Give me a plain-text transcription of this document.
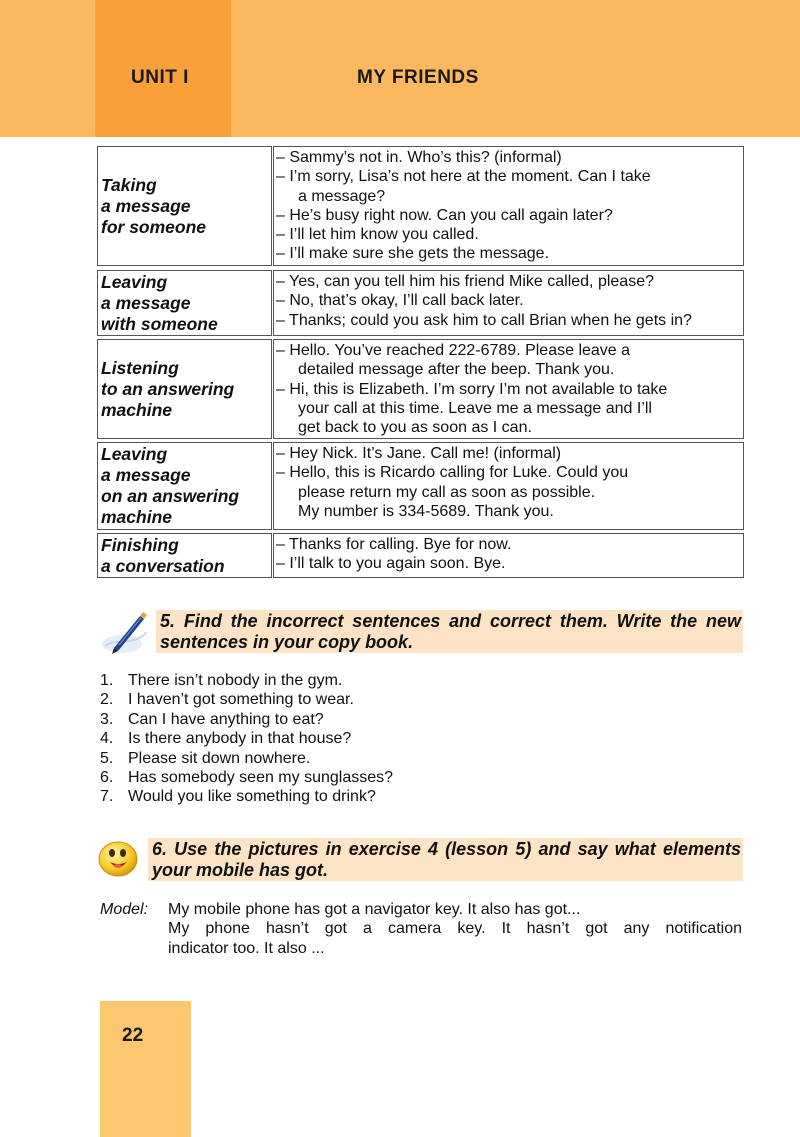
UNIT I	MY FRIENDS
Taking
a message
for someone
– Sammy’s not in. Who’s this? (informal)
– I’m sorry, Lisa’s not here at the moment. Can I take
a message?
– He’s busy right now. Can you call again later?
– I’ll let him know you called.
– I’ll make sure she gets the message.
Leaving
a message
with someone
– Yes, can you tell him his friend Mike called, please?
– No, that’s okay, I’ll call back later.
– Thanks; could you ask him to call Brian when he gets in?
Listening
to an answering
machine
– Hello. You’ve reached 222-6789. Please leave a
detailed message after the beep. Thank you.
– Hi, this is Elizabeth. I’m sorry I’m not available to take
your call at this time. Leave me a message and I’ll
get back to you as soon as I can.
Leaving
a message
on an answering
machine
– Hey Nick. It’s Jane. Call me! (informal)
– Hello, this is Ricardo calling for Luke. Could you
please return my call as soon as possible.
My number is 334-5689. Thank you.
Finishing
a conversation
– Thanks for calling. Bye for now.
– I’ll talk to you again soon. Bye.
5. Find the incorrect sentences and correct them. Write the new sentences in your copy book.
1. There isn’t nobody in the gym.
2. I haven’t got something to wear.
3. Can I have anything to eat?
4. Is there anybody in that house?
5. Please sit down nowhere.
6. Has somebody seen my sunglasses?
7. Would you like something to drink?
6. Use the pictures in exercise 4 (lesson 5) and say what elements your mobile has got.
Model: My mobile phone has got a navigator key. It also has got...
My phone hasn’t got a camera key. It hasn’t got any notification
indicator too. It also ...
22
